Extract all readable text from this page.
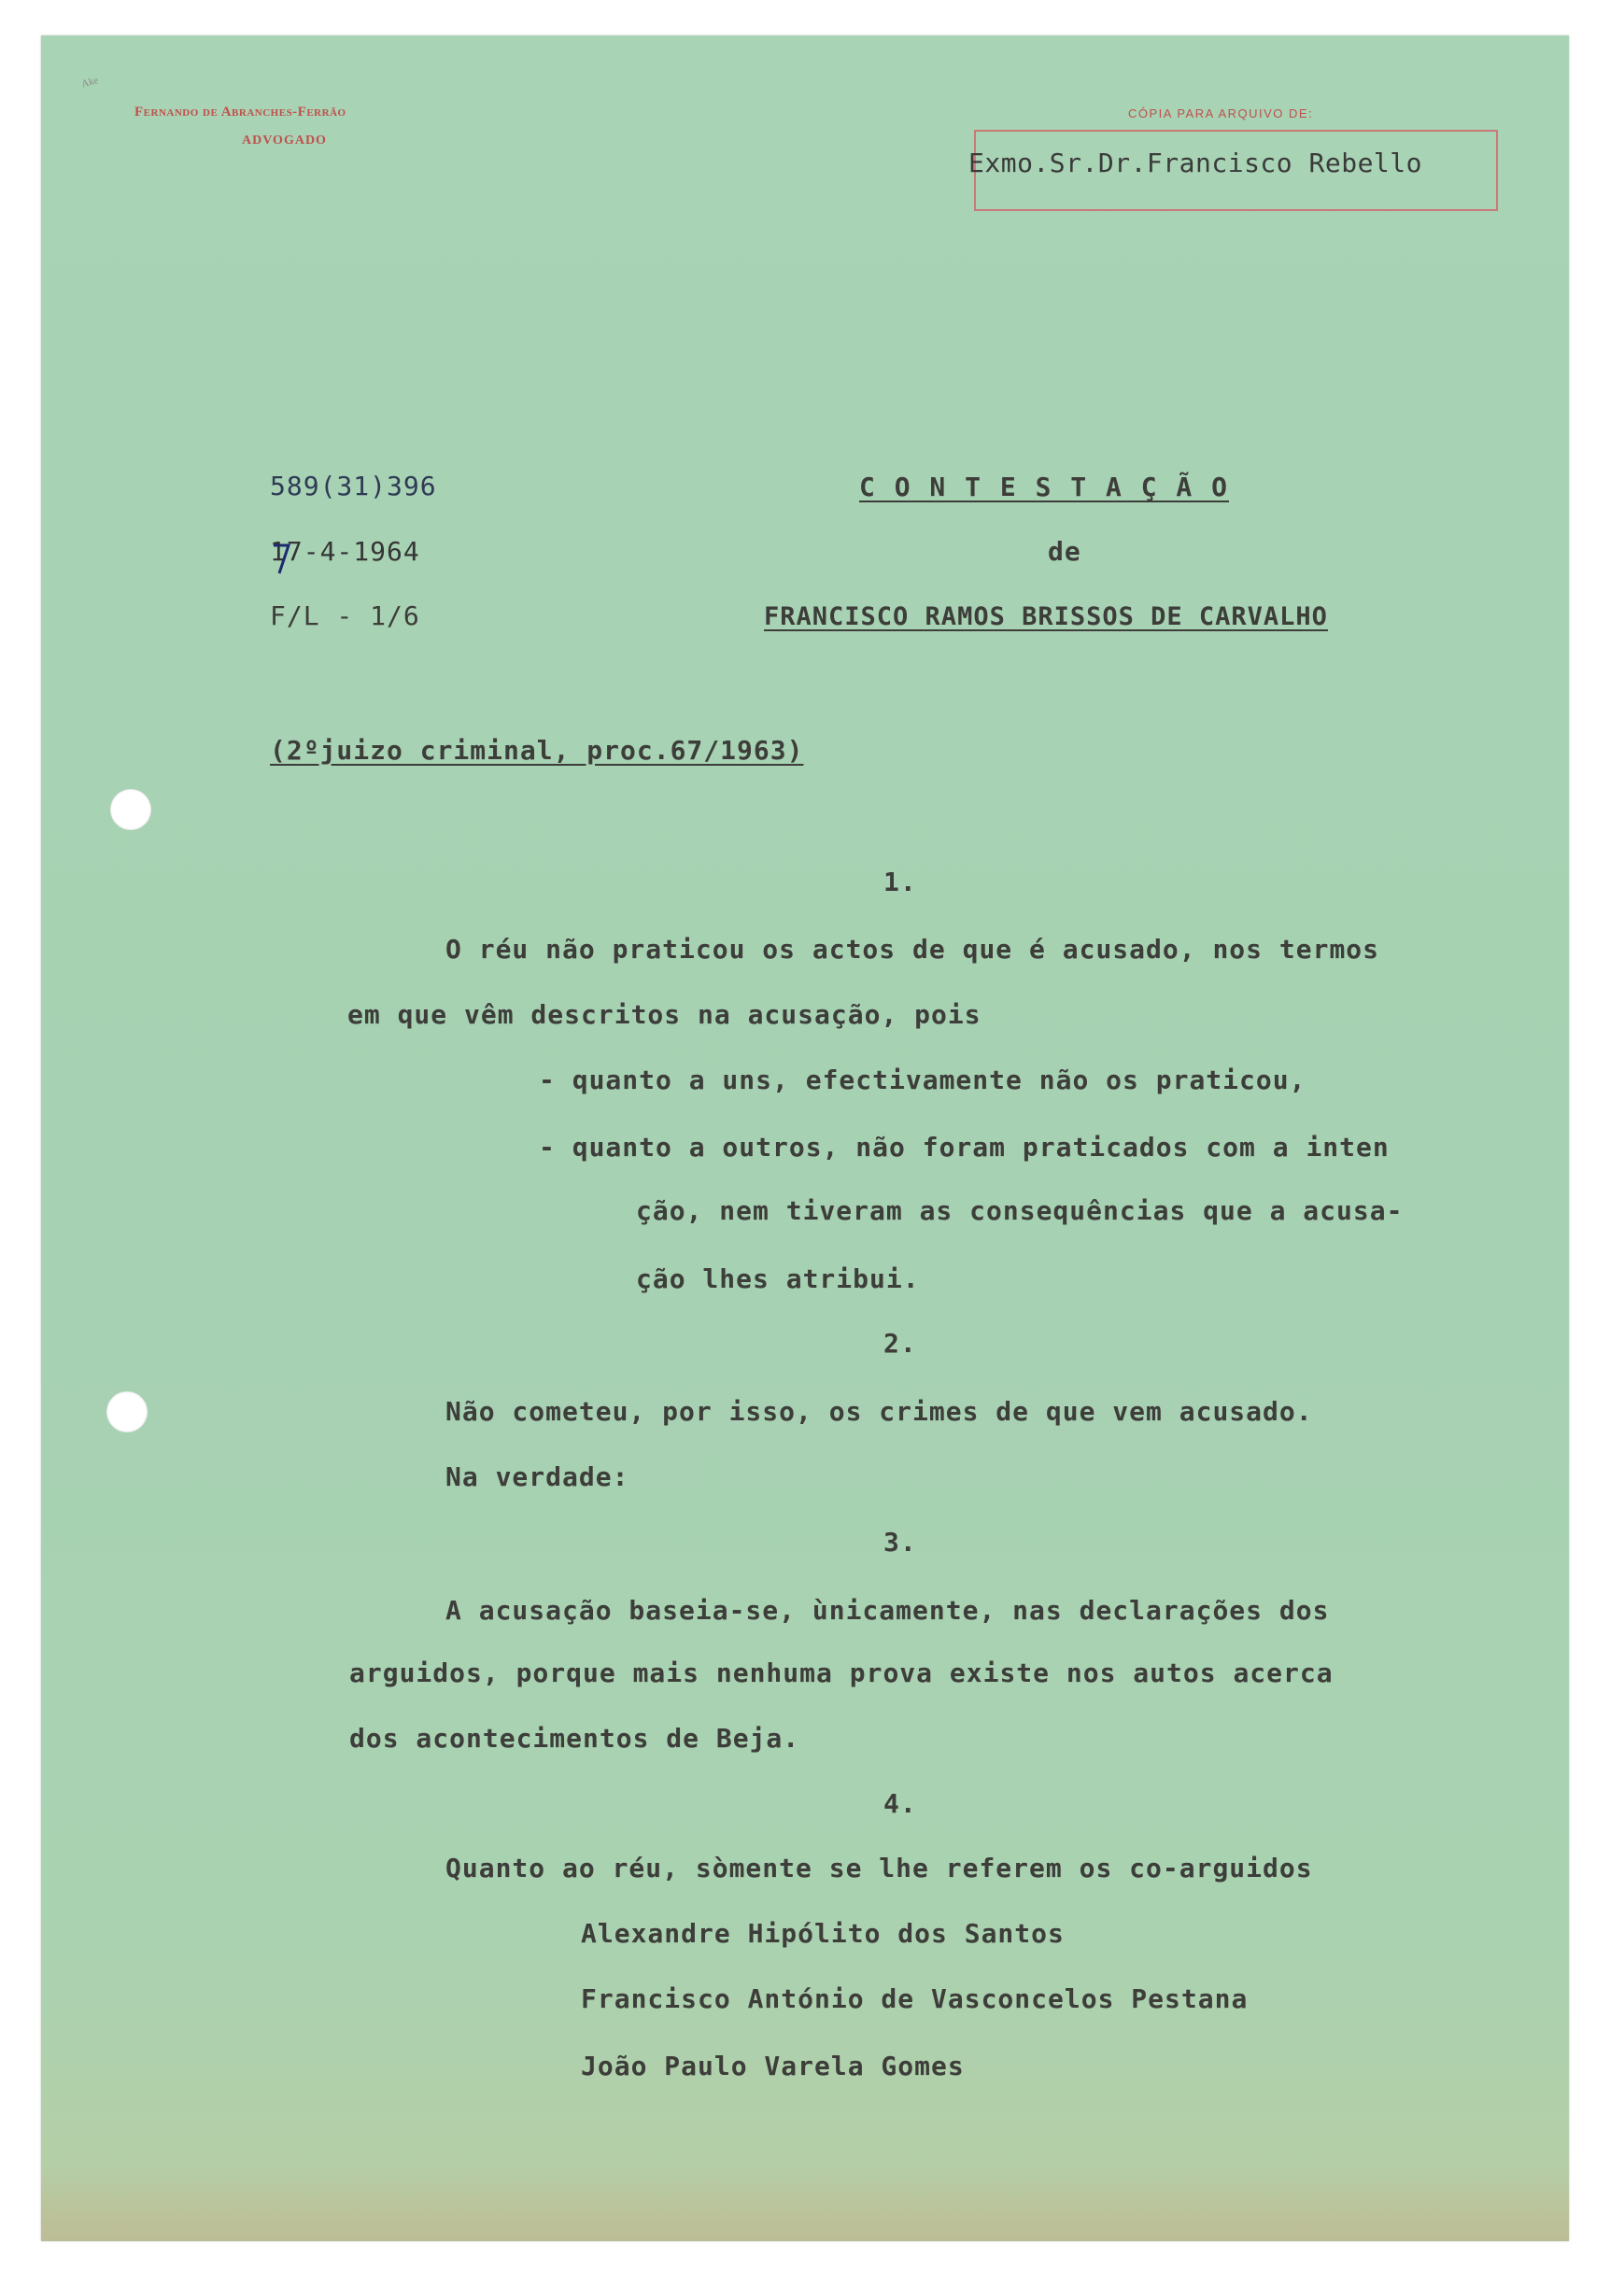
ᴬᵏᵉ
Fernando de Abranches-Ferrão
ADVOGADO
CÓPIA PARA ARQUIVO DE:
Exmo.Sr.Dr.Francisco Rebello
589(31)396
17-4-1964
F/L - 1/6
C O N T E S T A Ç Ã O
de
FRANCISCO RAMOS BRISSOS DE CARVALHO
(2ºjuizo criminal, proc.67/1963)
1.
O réu não praticou os actos de que é acusado, nos termos
em que vêm descritos na acusação, pois
- quanto a uns, efectivamente não os praticou,
- quanto a outros, não foram praticados com a inten
ção, nem tiveram as consequências que a acusa-
ção lhes atribui.
2.
Não cometeu, por isso, os crimes de que vem acusado.
Na verdade:
3.
A acusação baseia-se, ùnicamente, nas declarações dos
arguidos, porque mais nenhuma prova existe nos autos acerca
dos acontecimentos de Beja.
4.
Quanto ao réu, sòmente se lhe referem os co-arguidos
Alexandre Hipólito dos Santos
Francisco António de Vasconcelos Pestana
João Paulo Varela Gomes
